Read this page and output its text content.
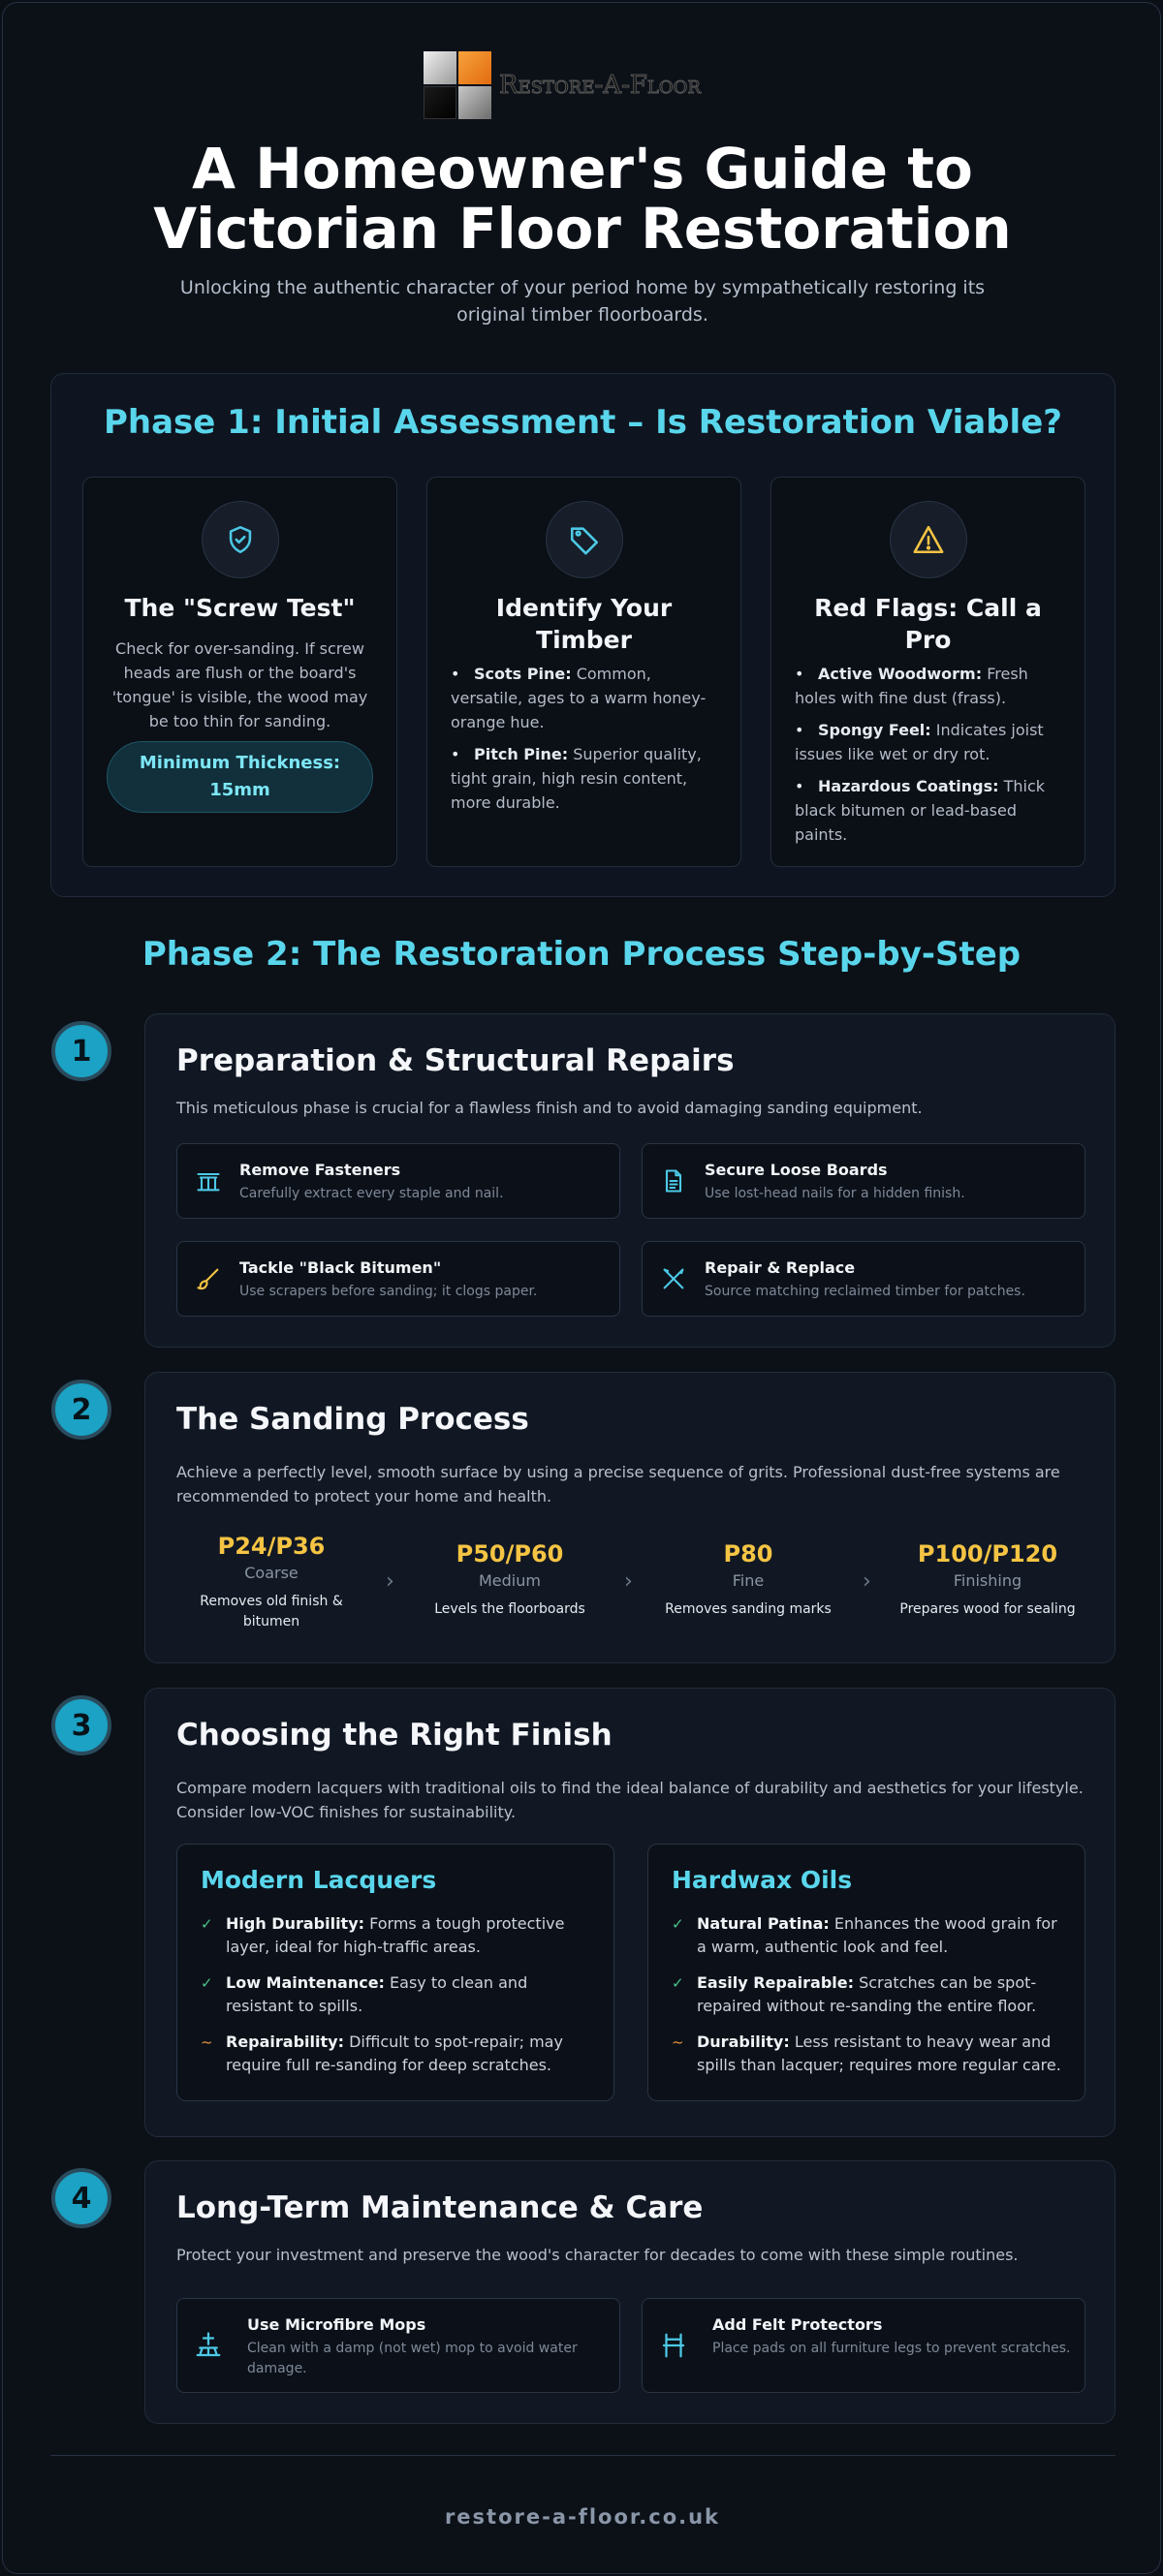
Restore-A-Floor
A Homeowner's Guide to
Victorian Floor Restoration

Unlocking the authentic character of your period home by sympathetically restoring its original timber floorboards.

Phase 1: Initial Assessment – Is Restoration Viable?
The "Screw Test"

Check for over-sanding. If screw heads are flush or the board's 'tongue' is visible, the wood may be too thin for sanding.

Minimum Thickness: 15mm
Identify Your Timber
• Scots Pine: Common, versatile, ages to a warm honey-orange hue.
• Pitch Pine: Superior quality, tight grain, high resin content, more durable.
Red Flags: Call a Pro
• Active Woodworm: Fresh holes with fine dust (frass).
• Spongy Feel: Indicates joist issues like wet or dry rot.
• Hazardous Coatings: Thick black bitumen or lead-based paints.
Phase 2: The Restoration Process Step-by-Step
1	Preparation & Structural Repairs

This meticulous phase is crucial for a flawless finish and to avoid damaging sanding equipment.

Remove Fasteners
Carefully extract every staple and nail.
Secure Loose Boards
Use lost-head nails for a hidden finish.
Tackle "Black Bitumen"
Use scrapers before sanding; it clogs paper.
Repair & Replace
Source matching reclaimed timber for patches.
2	The Sanding Process

Achieve a perfectly level, smooth surface by using a precise sequence of grits. Professional dust-free systems are recommended to protect your home and health.

P24/P36
Coarse
Removes old finish & bitumen
›
P50/P60
Medium
Levels the floorboards
›
P80
Fine
Removes sanding marks
›
P100/P120
Finishing
Prepares wood for sealing
3	Choosing the Right Finish

Compare modern lacquers with traditional oils to find the ideal balance of durability and aesthetics for your lifestyle. Consider low-VOC finishes for sustainability.

Modern Lacquers
✓ High Durability: Forms a tough protective layer, ideal for high-traffic areas.
✓ Low Maintenance: Easy to clean and resistant to spills.
~ Repairability: Difficult to spot-repair; may require full re-sanding for deep scratches.
Hardwax Oils
✓ Natural Patina: Enhances the wood grain for a warm, authentic look and feel.
✓ Easily Repairable: Scratches can be spot-repaired without re-sanding the entire floor.
~ Durability: Less resistant to heavy wear and spills than lacquer; requires more regular care.
4	Long-Term Maintenance & Care

Protect your investment and preserve the wood's character for decades to come with these simple routines.

Use Microfibre Mops
Clean with a damp (not wet) mop to avoid water damage.
Add Felt Protectors
Place pads on all furniture legs to prevent scratches.
restore-a-floor.co.uk
